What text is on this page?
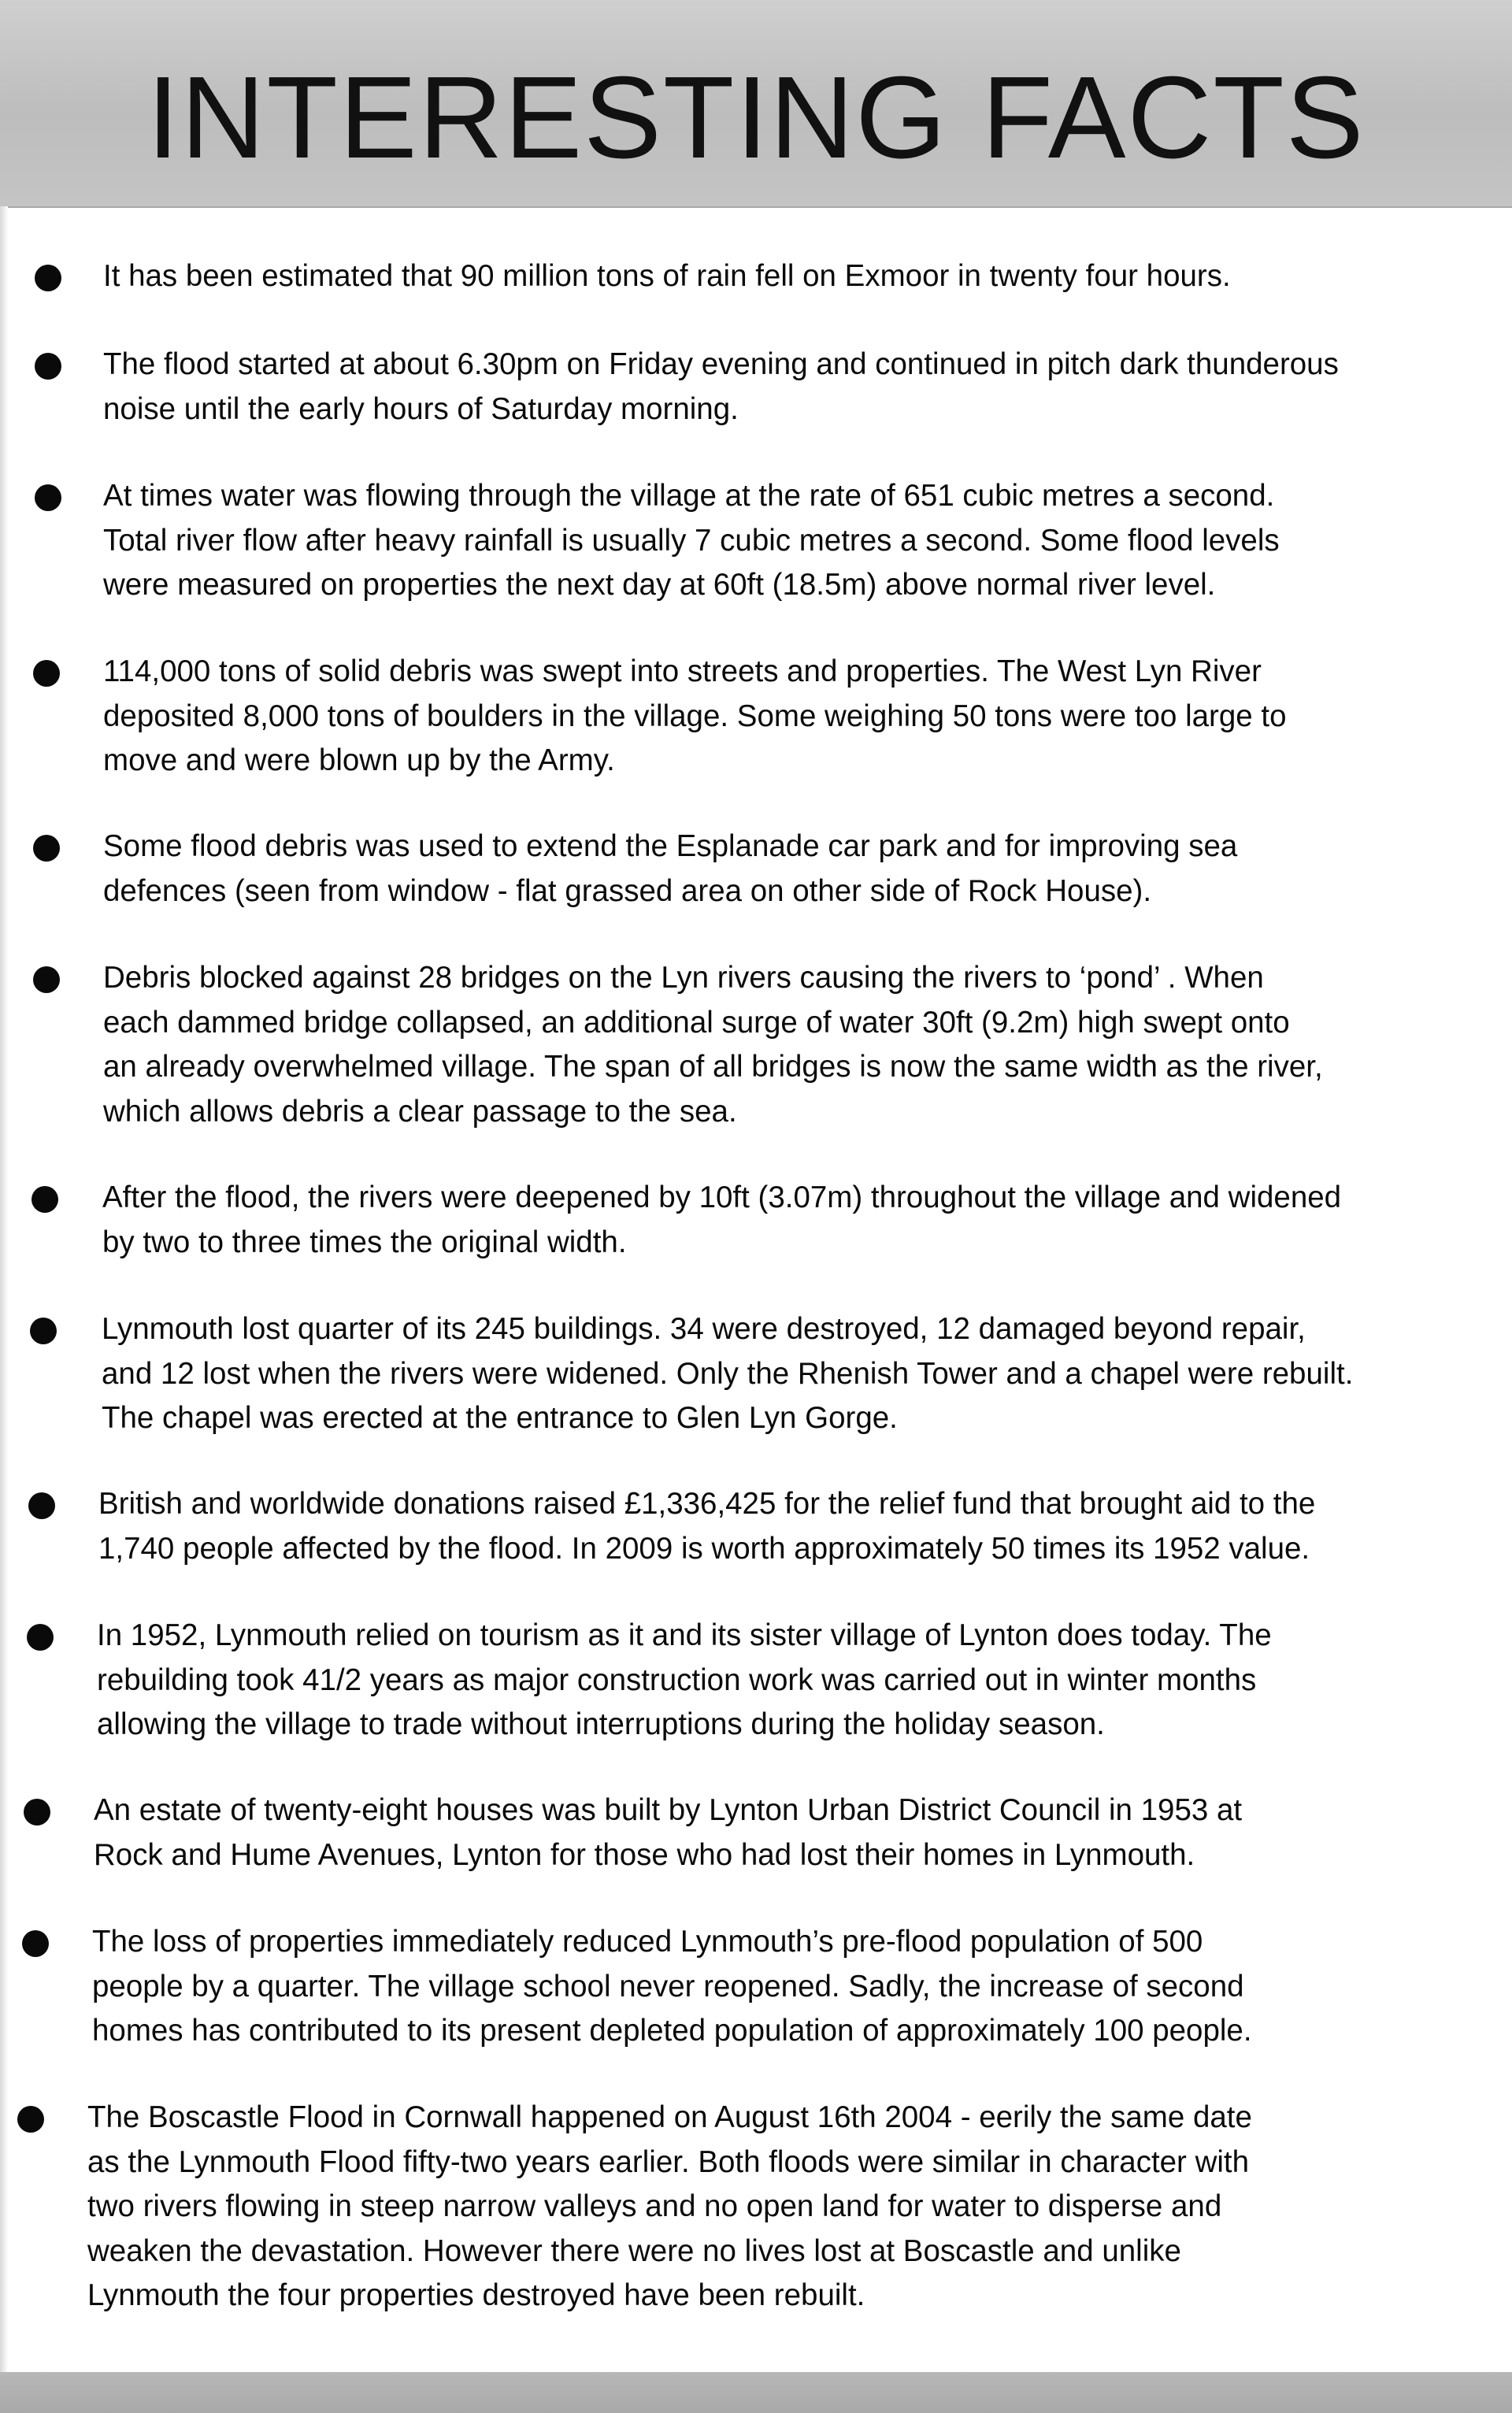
INTERESTING FACTS

It has been estimated that 90 million tons of rain fell on Exmoor in twenty four hours.

The flood started at about 6.30pm on Friday evening and continued in pitch dark thunderous
noise until the early hours of Saturday morning.

At times water was flowing through the village at the rate of 651 cubic metres a second.
Total river flow after heavy rainfall is usually 7 cubic metres a second. Some flood levels
were measured on properties the next day at 60ft (18.5m) above normal river level.

114,000 tons of solid debris was swept into streets and properties. The West Lyn River
deposited 8,000 tons of boulders in the village. Some weighing 50 tons were too large to
move and were blown up by the Army.

Some flood debris was used to extend the Esplanade car park and for improving sea
defences (seen from window - flat grassed area on other side of Rock House).

Debris blocked against 28 bridges on the Lyn rivers causing the rivers to ‘pond’ . When
each dammed bridge collapsed, an additional surge of water 30ft (9.2m) high swept onto
an already overwhelmed village. The span of all bridges is now the same width as the river,
which allows debris a clear passage to the sea.

After the flood, the rivers were deepened by 10ft (3.07m) throughout the village and widened
by two to three times the original width.

Lynmouth lost quarter of its 245 buildings. 34 were destroyed, 12 damaged beyond repair,
and 12 lost when the rivers were widened. Only the Rhenish Tower and a chapel were rebuilt.
The chapel was erected at the entrance to Glen Lyn Gorge.

British and worldwide donations raised £1,336,425 for the relief fund that brought aid to the
1,740 people affected by the flood. In 2009 is worth approximately 50 times its 1952 value.

In 1952, Lynmouth relied on tourism as it and its sister village of Lynton does today. The
rebuilding took 41/2 years as major construction work was carried out in winter months
allowing the village to trade without interruptions during the holiday season.

An estate of twenty-eight houses was built by Lynton Urban District Council in 1953 at
Rock and Hume Avenues, Lynton for those who had lost their homes in Lynmouth.

The loss of properties immediately reduced Lynmouth’s pre-flood population of 500
people by a quarter. The village school never reopened. Sadly, the increase of second
homes has contributed to its present depleted population of approximately 100 people.

The Boscastle Flood in Cornwall happened on August 16th 2004 - eerily the same date
as the Lynmouth Flood fifty-two years earlier. Both floods were similar in character with
two rivers flowing in steep narrow valleys and no open land for water to disperse and
weaken the devastation. However there were no lives lost at Boscastle and unlike
Lynmouth the four properties destroyed have been rebuilt.
